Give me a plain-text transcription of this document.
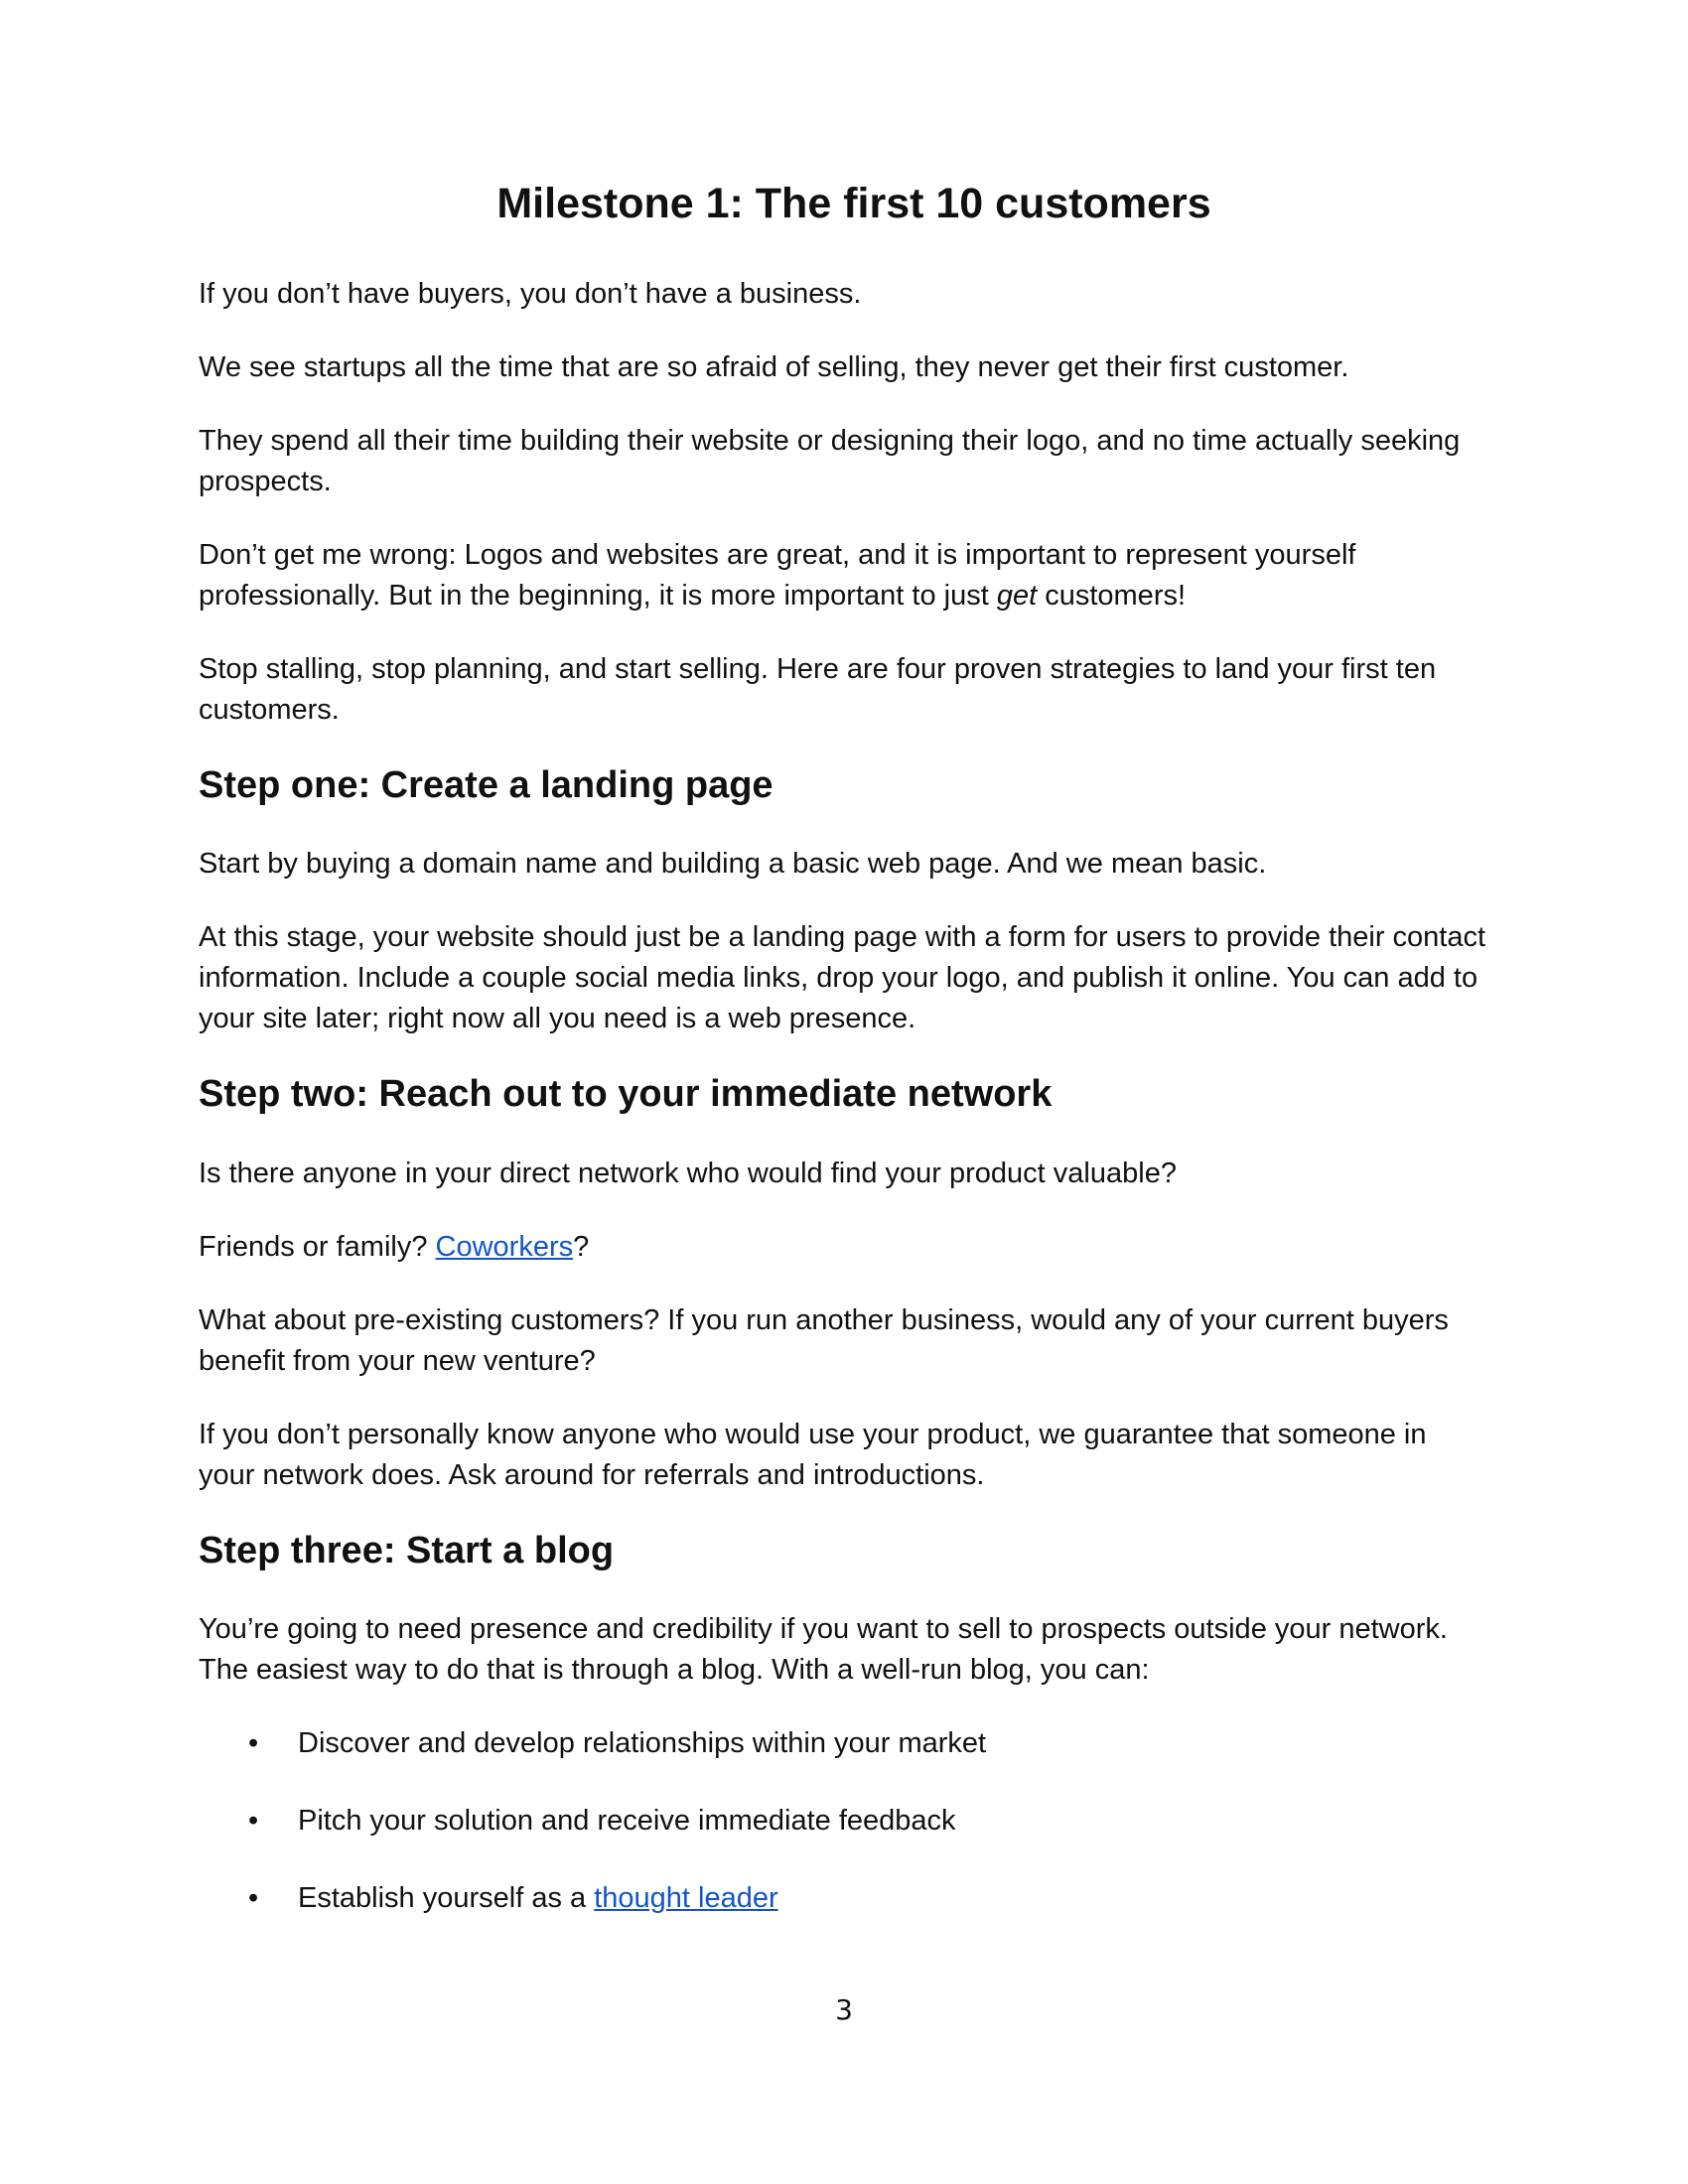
Milestone 1: The first 10 customers

If you don’t have buyers, you don’t have a business.

We see startups all the time that are so afraid of selling, they never get their first customer.

They spend all their time building their website or designing their logo, and no time actually seeking prospects.

Don’t get me wrong: Logos and websites are great, and it is important to represent yourself professionally. But in the beginning, it is more important to just get customers!

Stop stalling, stop planning, and start selling. Here are four proven strategies to land your first ten customers.

Step one: Create a landing page

Start by buying a domain name and building a basic web page. And we mean basic.

At this stage, your website should just be a landing page with a form for users to provide their contact information. Include a couple social media links, drop your logo, and publish it online. You can add to your site later; right now all you need is a web presence.

Step two: Reach out to your immediate network

Is there anyone in your direct network who would find your product valuable?

Friends or family? Coworkers?

What about pre-existing customers? If you run another business, would any of your current buyers benefit from your new venture?

If you don’t personally know anyone who would use your product, we guarantee that someone in your network does. Ask around for referrals and introductions.

Step three: Start a blog

You’re going to need presence and credibility if you want to sell to prospects outside your network. The easiest way to do that is through a blog. With a well-run blog, you can:

• Discover and develop relationships within your market
• Pitch your solution and receive immediate feedback
• Establish yourself as a thought leader
3
